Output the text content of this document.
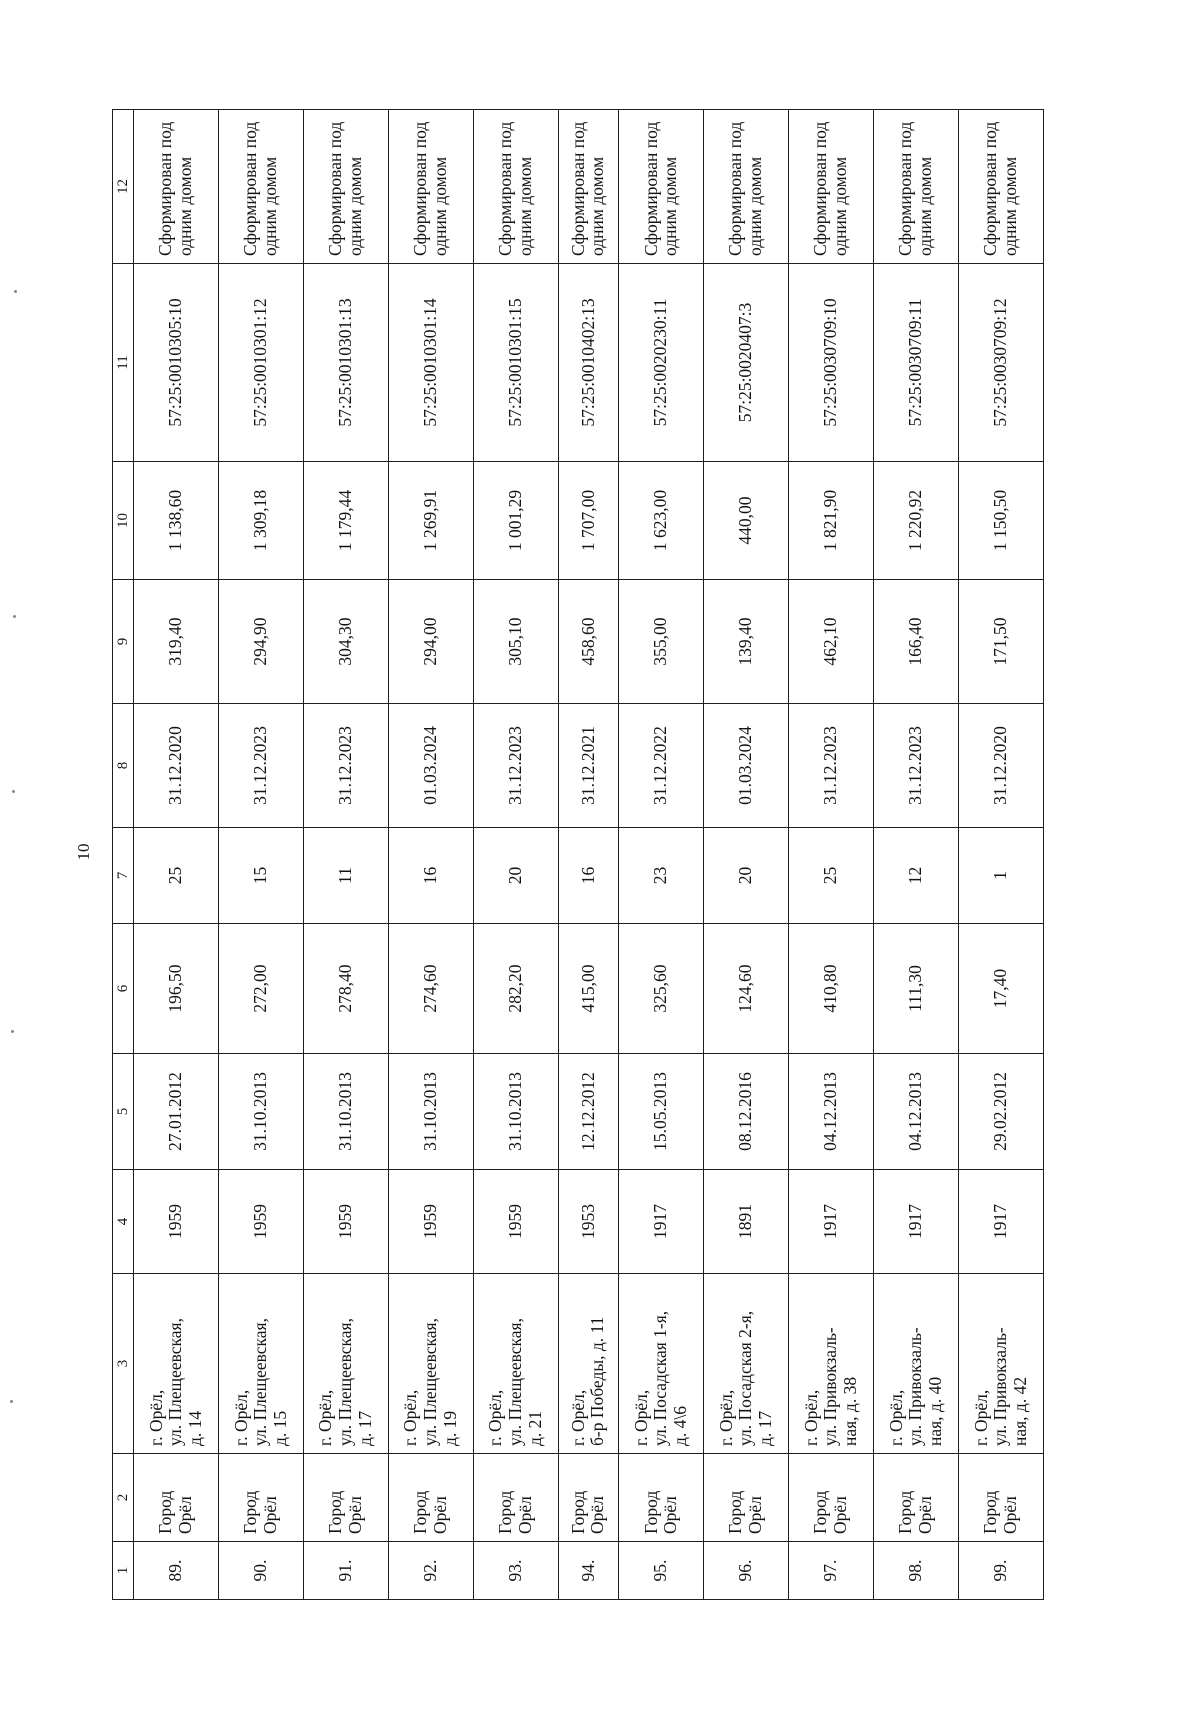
10
1	2	3	4	5	6	7	8	9	10	11	12
89.	Город Орёл	г. Орёл, ул. Плещеевская, д. 14	1959	27.01.2012	196,50	25	31.12.2020	319,40	1 138,60	57:25:0010305:10	Сформирован под одним домом
90.	Город Орёл	г. Орёл, ул. Плещеевская, д. 15	1959	31.10.2013	272,00	15	31.12.2023	294,90	1 309,18	57:25:0010301:12	Сформирован под одним домом
91.	Город Орёл	г. Орёл, ул. Плещеевская, д. 17	1959	31.10.2013	278,40	11	31.12.2023	304,30	1 179,44	57:25:0010301:13	Сформирован под одним домом
92.	Город Орёл	г. Орёл, ул. Плещеевская, д. 19	1959	31.10.2013	274,60	16	01.03.2024	294,00	1 269,91	57:25:0010301:14	Сформирован под одним домом
93.	Город Орёл	г. Орёл, ул. Плещеевская, д. 21	1959	31.10.2013	282,20	20	31.12.2023	305,10	1 001,29	57:25:0010301:15	Сформирован под одним домом
94.	Город Орёл	г. Орёл, б-р Победы, д. 11	1953	12.12.2012	415,00	16	31.12.2021	458,60	1 707,00	57:25:0010402:13	Сформирован под одним домом
95.	Город Орёл	г. Орёл, ул. Посадская 1-я, д. 4\6	1917	15.05.2013	325,60	23	31.12.2022	355,00	1 623,00	57:25:0020230:11	Сформирован под одним домом
96.	Город Орёл	г. Орёл, ул. Посадская 2-я, д. 17	1891	08.12.2016	124,60	20	01.03.2024	139,40	440,00	57:25:0020407:3	Сформирован под одним домом
97.	Город Орёл	г. Орёл, ул. Привокзаль- ная, д. 38	1917	04.12.2013	410,80	25	31.12.2023	462,10	1 821,90	57:25:0030709:10	Сформирован под одним домом
98.	Город Орёл	г. Орёл, ул. Привокзаль- ная, д. 40	1917	04.12.2013	111,30	12	31.12.2023	166,40	1 220,92	57:25:0030709:11	Сформирован под одним домом
99.	Город Орёл	г. Орёл, ул. Привокзаль- ная, д. 42	1917	29.02.2012	17,40	1	31.12.2020	171,50	1 150,50	57:25:0030709:12	Сформирован под одним домом
